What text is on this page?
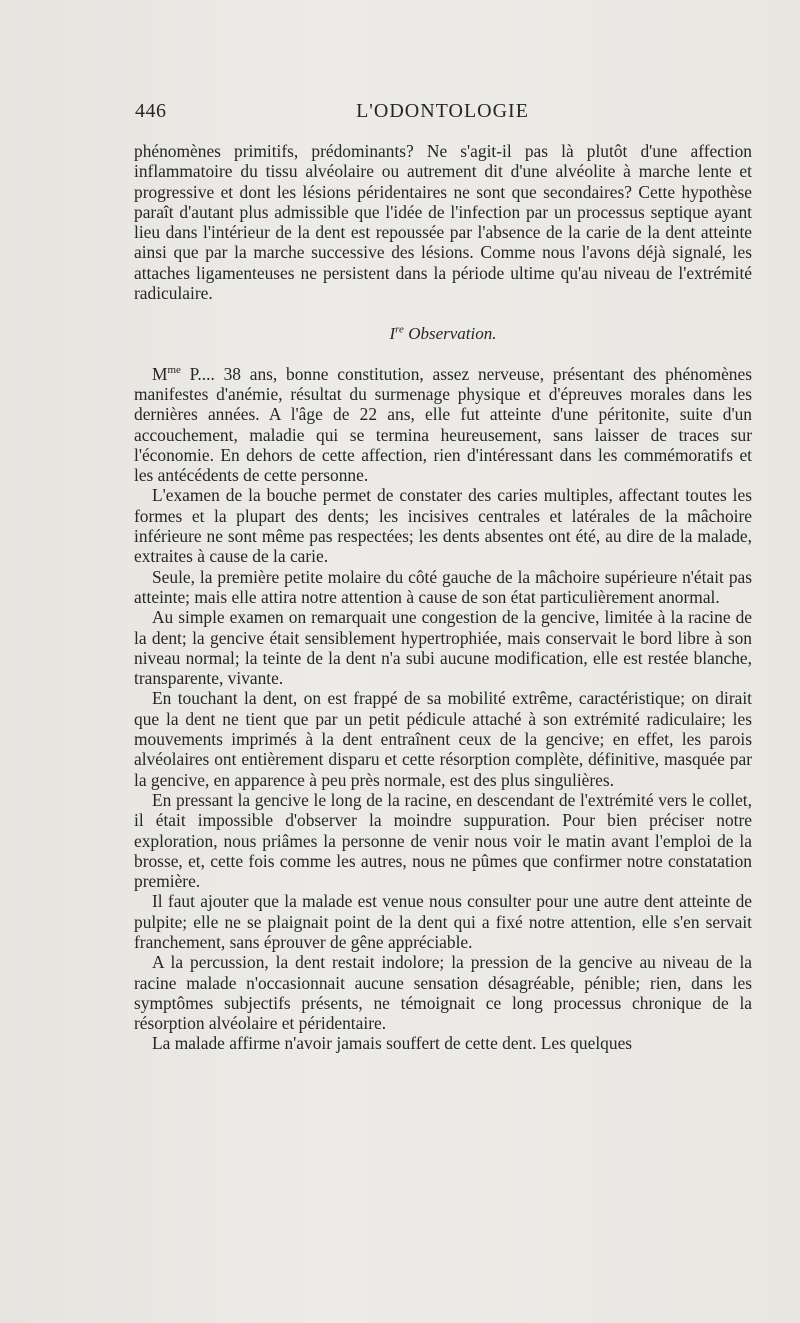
446	L'ODONTOLOGIE

phénomènes primitifs, prédominants? Ne s'agit-il pas là plutôt d'une affection inflammatoire du tissu alvéolaire ou autrement dit d'une alvéolite à marche lente et progressive et dont les lésions péridentaires ne sont que secondaires? Cette hypothèse paraît d'autant plus admissible que l'idée de l'infection par un processus septique ayant lieu dans l'intérieur de la dent est repoussée par l'absence de la carie de la dent atteinte ainsi que par la marche successive des lésions. Comme nous l'avons déjà signalé, les attaches ligamenteuses ne persistent dans la période ultime qu'au niveau de l'extrémité radiculaire.

Ire Observation.

$M^{me}$ P.... 38 ans, bonne constitution, assez nerveuse, présentant des phénomènes manifestes d'anémie, résultat du surmenage physique et d'épreuves morales dans les dernières années. A l'âge de 22 ans, elle fut atteinte d'une péritonite, suite d'un accouchement, maladie qui se termina heureusement, sans laisser de traces sur l'économie. En dehors de cette affection, rien d'intéressant dans les commémoratifs et les antécédents de cette personne.

L'examen de la bouche permet de constater des caries multiples, affectant toutes les formes et la plupart des dents; les incisives centrales et latérales de la mâchoire inférieure ne sont même pas respectées; les dents absentes ont été, au dire de la malade, extraites à cause de la carie.

Seule, la première petite molaire du côté gauche de la mâchoire supérieure n'était pas atteinte; mais elle attira notre attention à cause de son état particulièrement anormal.

Au simple examen on remarquait une congestion de la gencive, limitée à la racine de la dent; la gencive était sensiblement hypertrophiée, mais conservait le bord libre à son niveau normal; la teinte de la dent n'a subi aucune modification, elle est restée blanche, transparente, vivante.

En touchant la dent, on est frappé de sa mobilité extrême, caractéristique; on dirait que la dent ne tient que par un petit pédicule attaché à son extrémité radiculaire; les mouvements imprimés à la dent entraînent ceux de la gencive; en effet, les parois alvéolaires ont entièrement disparu et cette résorption complète, définitive, masquée par la gencive, en apparence à peu près normale, est des plus singulières.

En pressant la gencive le long de la racine, en descendant de l'extrémité vers le collet, il était impossible d'observer la moindre suppuration. Pour bien préciser notre exploration, nous priâmes la personne de venir nous voir le matin avant l'emploi de la brosse, et, cette fois comme les autres, nous ne pûmes que confirmer notre constatation première.

Il faut ajouter que la malade est venue nous consulter pour une autre dent atteinte de pulpite; elle ne se plaignait point de la dent qui a fixé notre attention, elle s'en servait franchement, sans éprouver de gêne appréciable.

A la percussion, la dent restait indolore; la pression de la gencive au niveau de la racine malade n'occasionnait aucune sensation désagréable, pénible; rien, dans les symptômes subjectifs présents, ne témoignait ce long processus chronique de la résorption alvéolaire et péridentaire.

La malade affirme n'avoir jamais souffert de cette dent. Les quelques
